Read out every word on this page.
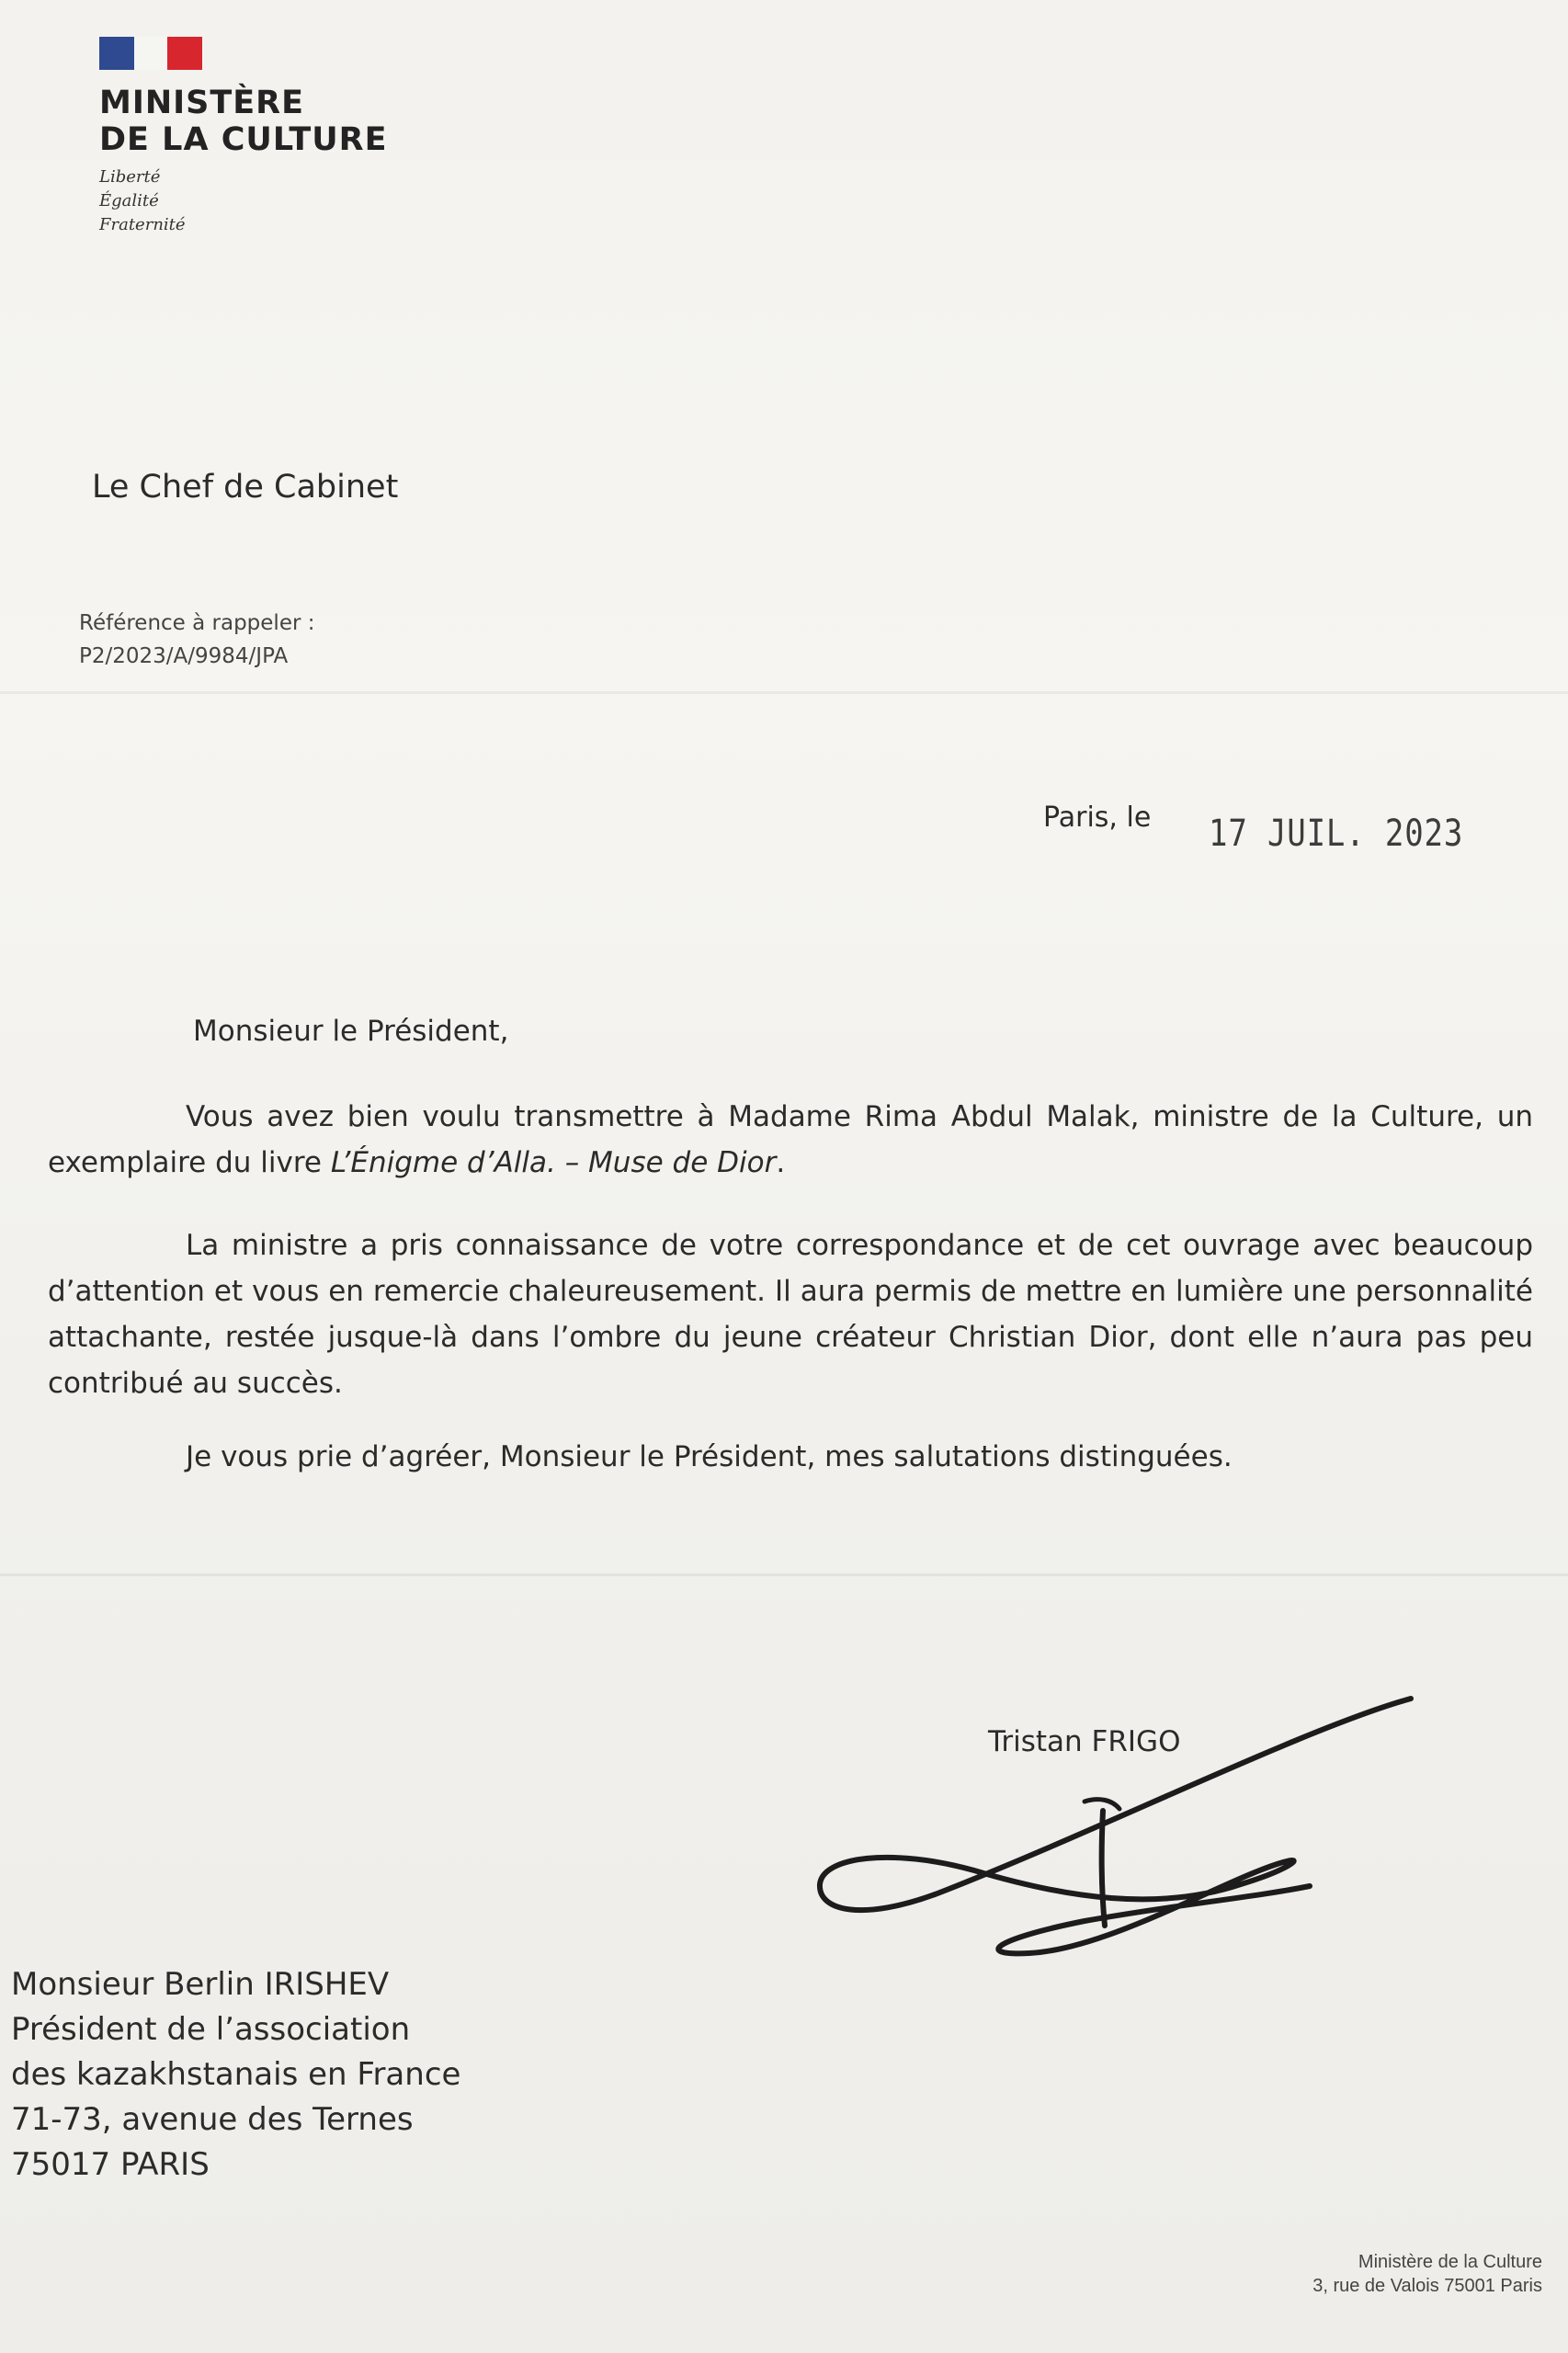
MINISTÈRE
DE LA CULTURE
Liberté
Égalité
Fraternité
Le Chef de Cabinet
Référence à rappeler :
P2/2023/A/9984/JPA
Paris, le 17 JUIL. 2023
Monsieur le Président,

Vous avez bien voulu transmettre à Madame Rima Abdul Malak, ministre de la Culture, un exemplaire du livre L’Énigme d’Alla. – Muse de Dior.

La ministre a pris connaissance de votre correspondance et de cet ouvrage avec beaucoup d’attention et vous en remercie chaleureusement. Il aura permis de mettre en lumière une personnalité attachante, restée jusque-là dans l’ombre du jeune créateur Christian Dior, dont elle n’aura pas peu contribué au succès.

Je vous prie d’agréer, Monsieur le Président, mes salutations distinguées.

Tristan FRIGO
Monsieur Berlin IRISHEV
Président de l’association
des kazakhstanais en France
71-73, avenue des Ternes
75017 PARIS
Ministère de la Culture
3, rue de Valois 75001 Paris
